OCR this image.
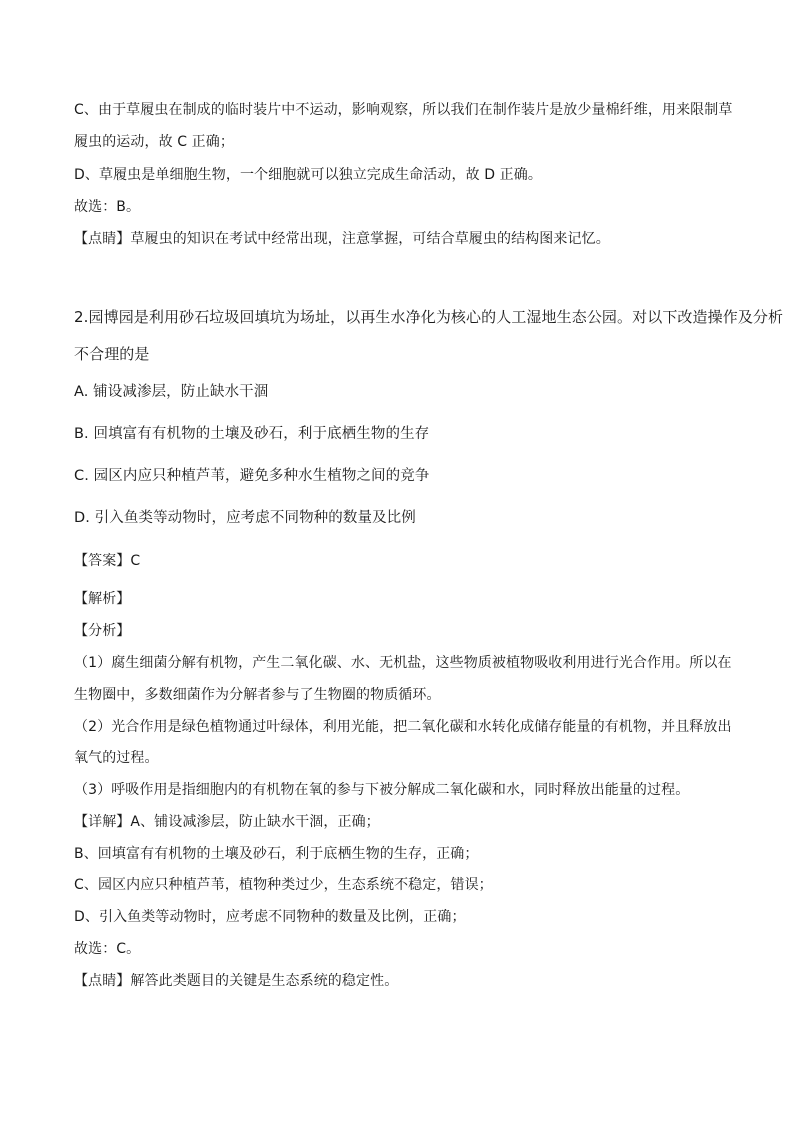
C、由于草履虫在制成的临时装片中不运动，影响观察，所以我们在制作装片是放少量棉纤维，用来限制草
履虫的运动，故 C 正确；
D、草履虫是单细胞生物，一个细胞就可以独立完成生命活动，故 D 正确。
故选：B。
【点睛】草履虫的知识在考试中经常出现，注意掌握，可结合草履虫的结构图来记忆。
2.园博园是利用砂石垃圾回填坑为场址，以再生水净化为核心的人工湿地生态公园。对以下改造操作及分析
不合理的是
A. 铺设减渗层，防止缺水干涸
B. 回填富有有机物的土壤及砂石，利于底栖生物的生存
C. 园区内应只种植芦苇，避免多种水生植物之间的竞争
D. 引入鱼类等动物时，应考虑不同物种的数量及比例
【答案】C
【解析】
【分析】
（1）腐生细菌分解有机物，产生二氧化碳、水、无机盐，这些物质被植物吸收利用进行光合作用。所以在
生物圈中，多数细菌作为分解者参与了生物圈的物质循环。
（2）光合作用是绿色植物通过叶绿体，利用光能，把二氧化碳和水转化成储存能量的有机物，并且释放出
氧气的过程。
（3）呼吸作用是指细胞内的有机物在氧的参与下被分解成二氧化碳和水，同时释放出能量的过程。
【详解】A、铺设减渗层，防止缺水干涸，正确；
B、回填富有有机物的土壤及砂石，利于底栖生物的生存，正确；
C、园区内应只种植芦苇，植物种类过少，生态系统不稳定，错误；
D、引入鱼类等动物时，应考虑不同物种的数量及比例，正确；
故选：C。
【点睛】解答此类题目的关键是生态系统的稳定性。
